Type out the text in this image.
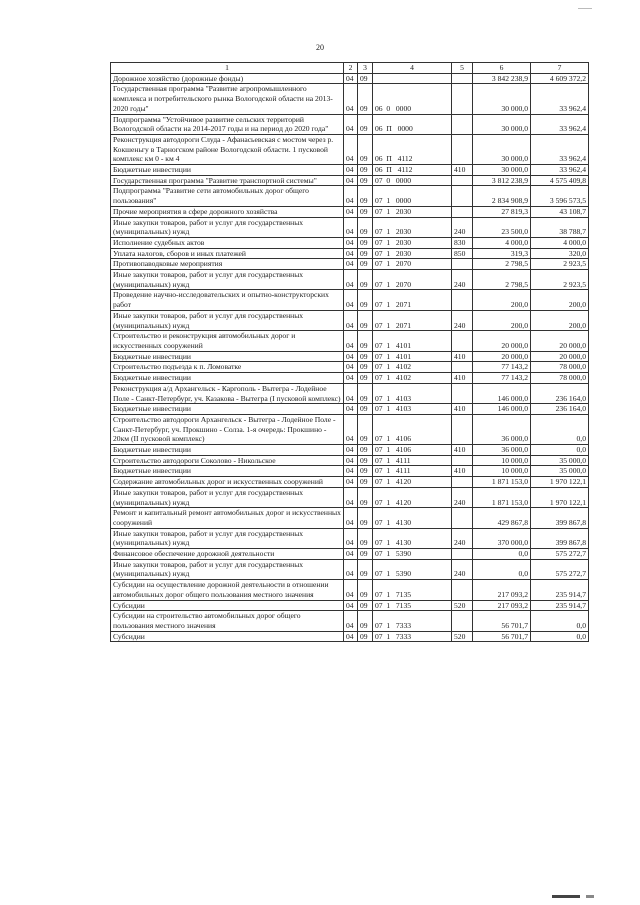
20
1	2	3	4	5	6	7
Дорожное хозяйство (дорожные фонды)	04	09			3 842 238,9	4 609 372,2
Государственная программа "Развитие агропромышленного комплекса и потребительского рынка Вологодской области на 2013-2020 годы"	04	09	06  0   0000		30 000,0	33 962,4
Подпрограмма "Устойчивое развитие сельских территорий Вологодской области на 2014-2017 годы и на период до 2020 года"	04	09	06  П   0000		30 000,0	33 962,4
Реконструкция автодороги Слуда - Афанасьевская с мостом через р. Кокшеньгу в Тарногском районе Вологодской области. 1 пусковой комплекс км 0 - км 4	04	09	06  П   4112		30 000,0	33 962,4
Бюджетные инвестиции	04	09	06  П   4112	410	30 000,0	33 962,4
Государственная программа "Развитие транспортной системы"	04	09	07  0   0000		3 812 238,9	4 575 409,8
Подпрограмма "Развитие сети автомобильных дорог общего пользования"	04	09	07  1   0000		2 834 908,9	3 596 573,5
Прочие мероприятия в сфере дорожного хозяйства	04	09	07  1   2030		27 819,3	43 108,7
Иные закупки товаров, работ и услуг для государственных (муниципальных) нужд	04	09	07  1   2030	240	23 500,0	38 788,7
Исполнение судебных актов	04	09	07  1   2030	830	4 000,0	4 000,0
Уплата налогов, сборов и иных платежей	04	09	07  1   2030	850	319,3	320,0
Противопаводковые мероприятия	04	09	07  1   2070		2 798,5	2 923,5
Иные закупки товаров, работ и услуг для государственных (муниципальных) нужд	04	09	07  1   2070	240	2 798,5	2 923,5
Проведение научно-исследовательских и опытно-конструкторских работ	04	09	07  1   2071		200,0	200,0
Иные закупки товаров, работ и услуг для государственных (муниципальных) нужд	04	09	07  1   2071	240	200,0	200,0
Строительство и реконструкция автомобильных дорог и искусственных сооружений	04	09	07  1   4101		20 000,0	20 000,0
Бюджетные инвестиции	04	09	07  1   4101	410	20 000,0	20 000,0
Строительство подъезда к п. Ломоватке	04	09	07  1   4102		77 143,2	78 000,0
Бюджетные инвестиции	04	09	07  1   4102	410	77 143,2	78 000,0
Реконструкция а/д Архангельск - Каргополь - Вытегра - Лодейное Поле - Санкт-Петербург, уч. Казакова - Вытегра (I пусковой комплекс)	04	09	07  1   4103		146 000,0	236 164,0
Бюджетные инвестиции	04	09	07  1   4103	410	146 000,0	236 164,0
Строительство автодороги Архангельск - Вытегра - Лодейное Поле - Санкт-Петербург, уч. Прокшино - Солза. 1-я очередь: Прокшино - 20км (II пусковой комплекс)	04	09	07  1   4106		36 000,0	0,0
Бюджетные инвестиции	04	09	07  1   4106	410	36 000,0	0,0
Строительство автодороги Соколово - Никольское	04	09	07  1   4111		10 000,0	35 000,0
Бюджетные инвестиции	04	09	07  1   4111	410	10 000,0	35 000,0
Содержание автомобильных дорог и искусственных сооружений	04	09	07  1   4120		1 871 153,0	1 970 122,1
Иные закупки товаров, работ и услуг для государственных (муниципальных) нужд	04	09	07  1   4120	240	1 871 153,0	1 970 122,1
Ремонт и капитальный ремонт автомобильных дорог и искусственных сооружений	04	09	07  1   4130		429 867,8	399 867,8
Иные закупки товаров, работ и услуг для государственных (муниципальных) нужд	04	09	07  1   4130	240	370 000,0	399 867,8
Финансовое обеспечение дорожной деятельности	04	09	07  1   5390		0,0	575 272,7
Иные закупки товаров, работ и услуг для государственных (муниципальных) нужд	04	09	07  1   5390	240	0,0	575 272,7
Субсидии на осуществление дорожной деятельности в отношении автомобильных дорог общего пользования местного значения	04	09	07  1   7135		217 093,2	235 914,7
Субсидии	04	09	07  1   7135	520	217 093,2	235 914,7
Субсидии на строительство автомобильных дорог общего пользования местного значения	04	09	07  1   7333		56 701,7	0,0
Субсидии	04	09	07  1   7333	520	56 701,7	0,0
